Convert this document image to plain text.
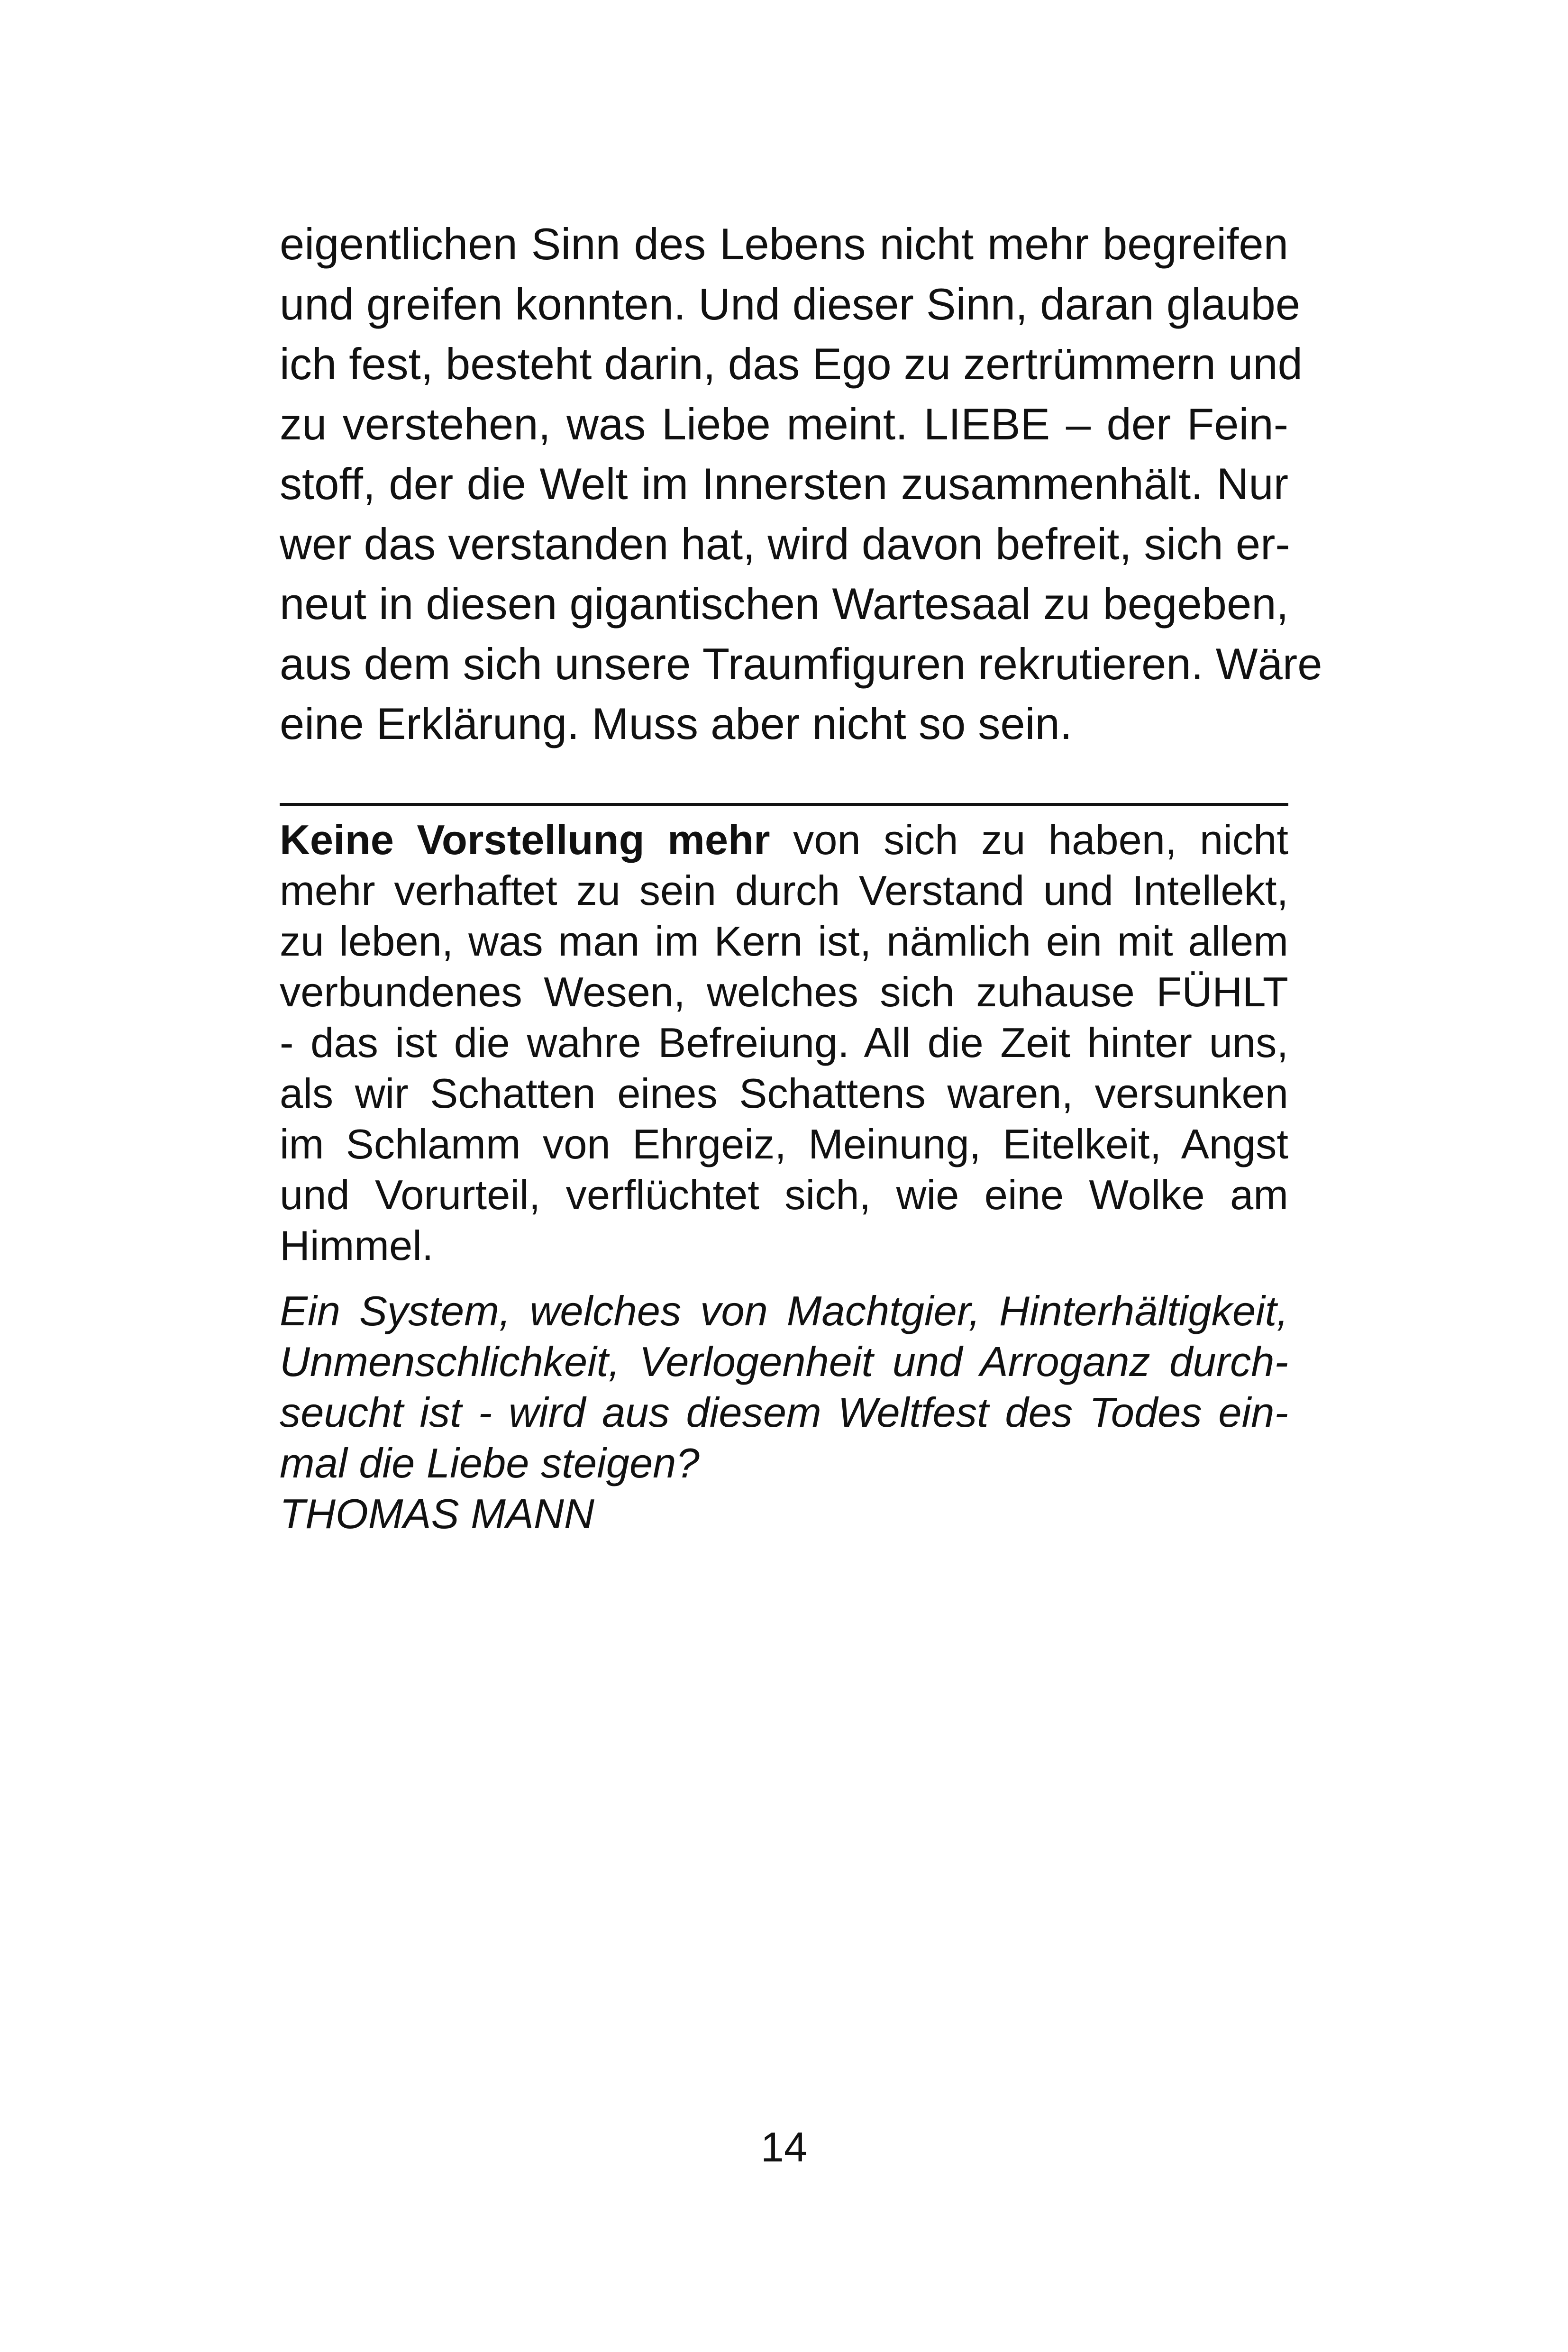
eigentlichen Sinn des Lebens nicht mehr begreifen
und greifen konnten. Und dieser Sinn, daran glaube
ich fest, besteht darin, das Ego zu zertrümmern und
zu verstehen, was Liebe meint. LIEBE – der Fein-
stoff, der die Welt im Innersten zusammenhält. Nur
wer das verstanden hat, wird davon befreit, sich er-
neut in diesen gigantischen Wartesaal zu begeben,
aus dem sich unsere Traumfiguren rekrutieren. Wäre
eine Erklärung. Muss aber nicht so sein.
Keine Vorstellung mehr von sich zu haben, nicht
mehr verhaftet zu sein durch Verstand und Intellekt,
zu leben, was man im Kern ist, nämlich ein mit allem
verbundenes Wesen, welches sich zuhause FÜHLT
- das ist die wahre Befreiung. All die Zeit hinter uns,
als wir Schatten eines Schattens waren, versunken
im Schlamm von Ehrgeiz, Meinung, Eitelkeit, Angst
und Vorurteil, verflüchtet sich, wie eine Wolke am
Himmel.
Ein System, welches von Machtgier, Hinterhältigkeit,
Unmenschlichkeit, Verlogenheit und Arroganz durch-
seucht ist - wird aus diesem Weltfest des Todes ein-
mal die Liebe steigen?
THOMAS MANN
14
